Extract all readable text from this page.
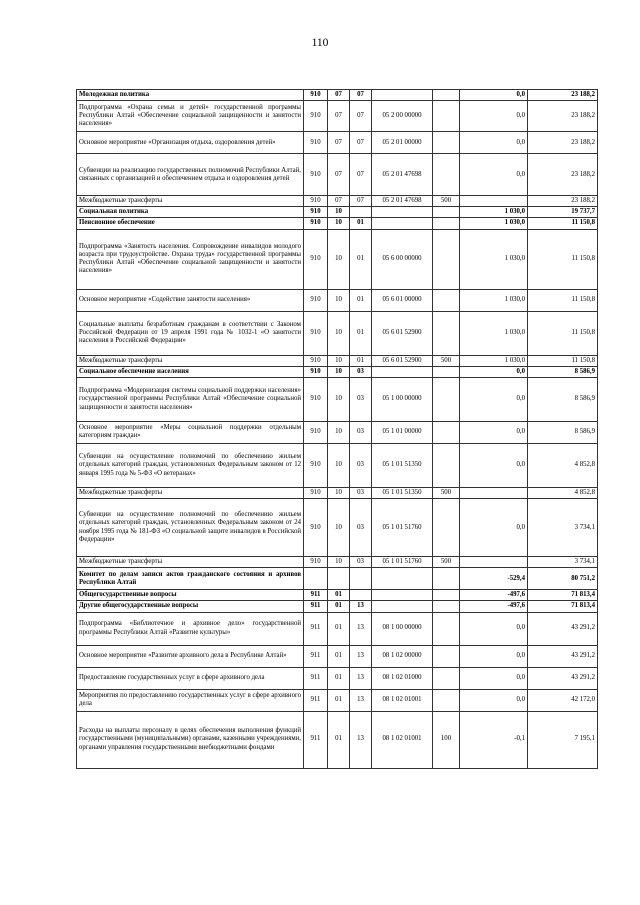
110
Молодежная политика	910	07	07			0,0	23 188,2
Подпрограмма «Охрана семьи и детей» государственной программы Республики Алтай «Обеспечение социальной защищенности и занятости населения»	910	07	07	05 2 00 00000		0,0	23 188,2
Основное мероприятие «Организация отдыха, оздоровления детей»	910	07	07	05 2 01 00000		0,0	23 188,2
Субвенции на реализацию государственных полномочий Республики Алтай, связанных с организацией и обеспечением отдыха и оздоровления детей	910	07	07	05 2 01 47698		0,0	23 188,2
Межбюджетные трансферты	910	07	07	05 2 01 47698	500		23 188,2
Социальная политика	910	10				1 030,0	19 737,7
Пенсионное обеспечение	910	10	01			1 030,0	11 150,8
Подпрограмма «Занятость населения. Сопровождение инвалидов молодого возраста при трудоустройстве. Охрана труда» государственной программы Республики Алтай «Обеспечение социальной защищенности и занятости населения»	910	10	01	05 6 00 00000		1 030,0	11 150,8
Основное мероприятие «Содействие занятости населения»	910	10	01	05 6 01 00000		1 030,0	11 150,8
Социальные выплаты безработным гражданам в соответствии с Законом Российской Федерации от 19 апреля 1991 года № 1032-1 «О занятости населения в Российской Федерации»	910	10	01	05 6 01 52900		1 030,0	11 150,8
Межбюджетные трансферты	910	10	01	05 6 01 52900	500	1 030,0	11 150,8
Социальное обеспечение населения	910	10	03			0,0	8 586,9
Подпрограмма «Модернизация системы социальной поддержки населения» государственной программы Республики Алтай «Обеспечение социальной защищенности и занятости населения»	910	10	03	05 1 00 00000		0,0	8 586,9
Основное мероприятие «Меры социальной поддержки отдельным категориям граждан»	910	10	03	05 1 01 00000		0,0	8 586,9
Субвенции на осуществление полномочий по обеспечению жильем отдельных категорий граждан, установленных Федеральным законом от 12 января 1995 года № 5-ФЗ «О ветеранах»	910	10	03	05 1 01 51350		0,0	4 852,8
Межбюджетные трансферты	910	10	03	05 1 01 51350	500		4 852,8
Субвенции на осуществление полномочий по обеспечению жильем отдельных категорий граждан, установленных Федеральным законом от 24 ноября 1995 года № 181-ФЗ «О социальной защите инвалидов в Российской Федерации»	910	10	03	05 1 01 51760		0,0	3 734,1
Межбюджетные трансферты	910	10	03	05 1 01 51760	500		3 734,1
Комитет по делам записи актов гражданского состояния и архивов Республики Алтай						-529,4	80 751,2
Общегосударственные вопросы	911	01				-497,6	71 813,4
Другие общегосударственные вопросы	911	01	13			-497,6	71 813,4
Подпрограмма «Библиотечное и архивное дело» государственной программы Республики Алтай «Развитие культуры»	911	01	13	08 1 00 00000		0,0	43 291,2
Основное мероприятие «Развитие архивного дела в Республике Алтай»	911	01	13	08 1 02 00000		0,0	43 291,2
Предоставление государственных услуг в сфере архивного дела	911	01	13	08 1 02 01000		0,0	43 291,2
Мероприятия по предоставлению государственных услуг в сфере архивного дела	911	01	13	08 1 02 01001		0,0	42 172,0
Расходы на выплаты персоналу в целях обеспечения выполнения функций государственными (муниципальными) органами, казенными учреждениями, органами управления государственными внебюджетными фондами	911	01	13	08 1 02 01001	100	-0,1	7 195,1
